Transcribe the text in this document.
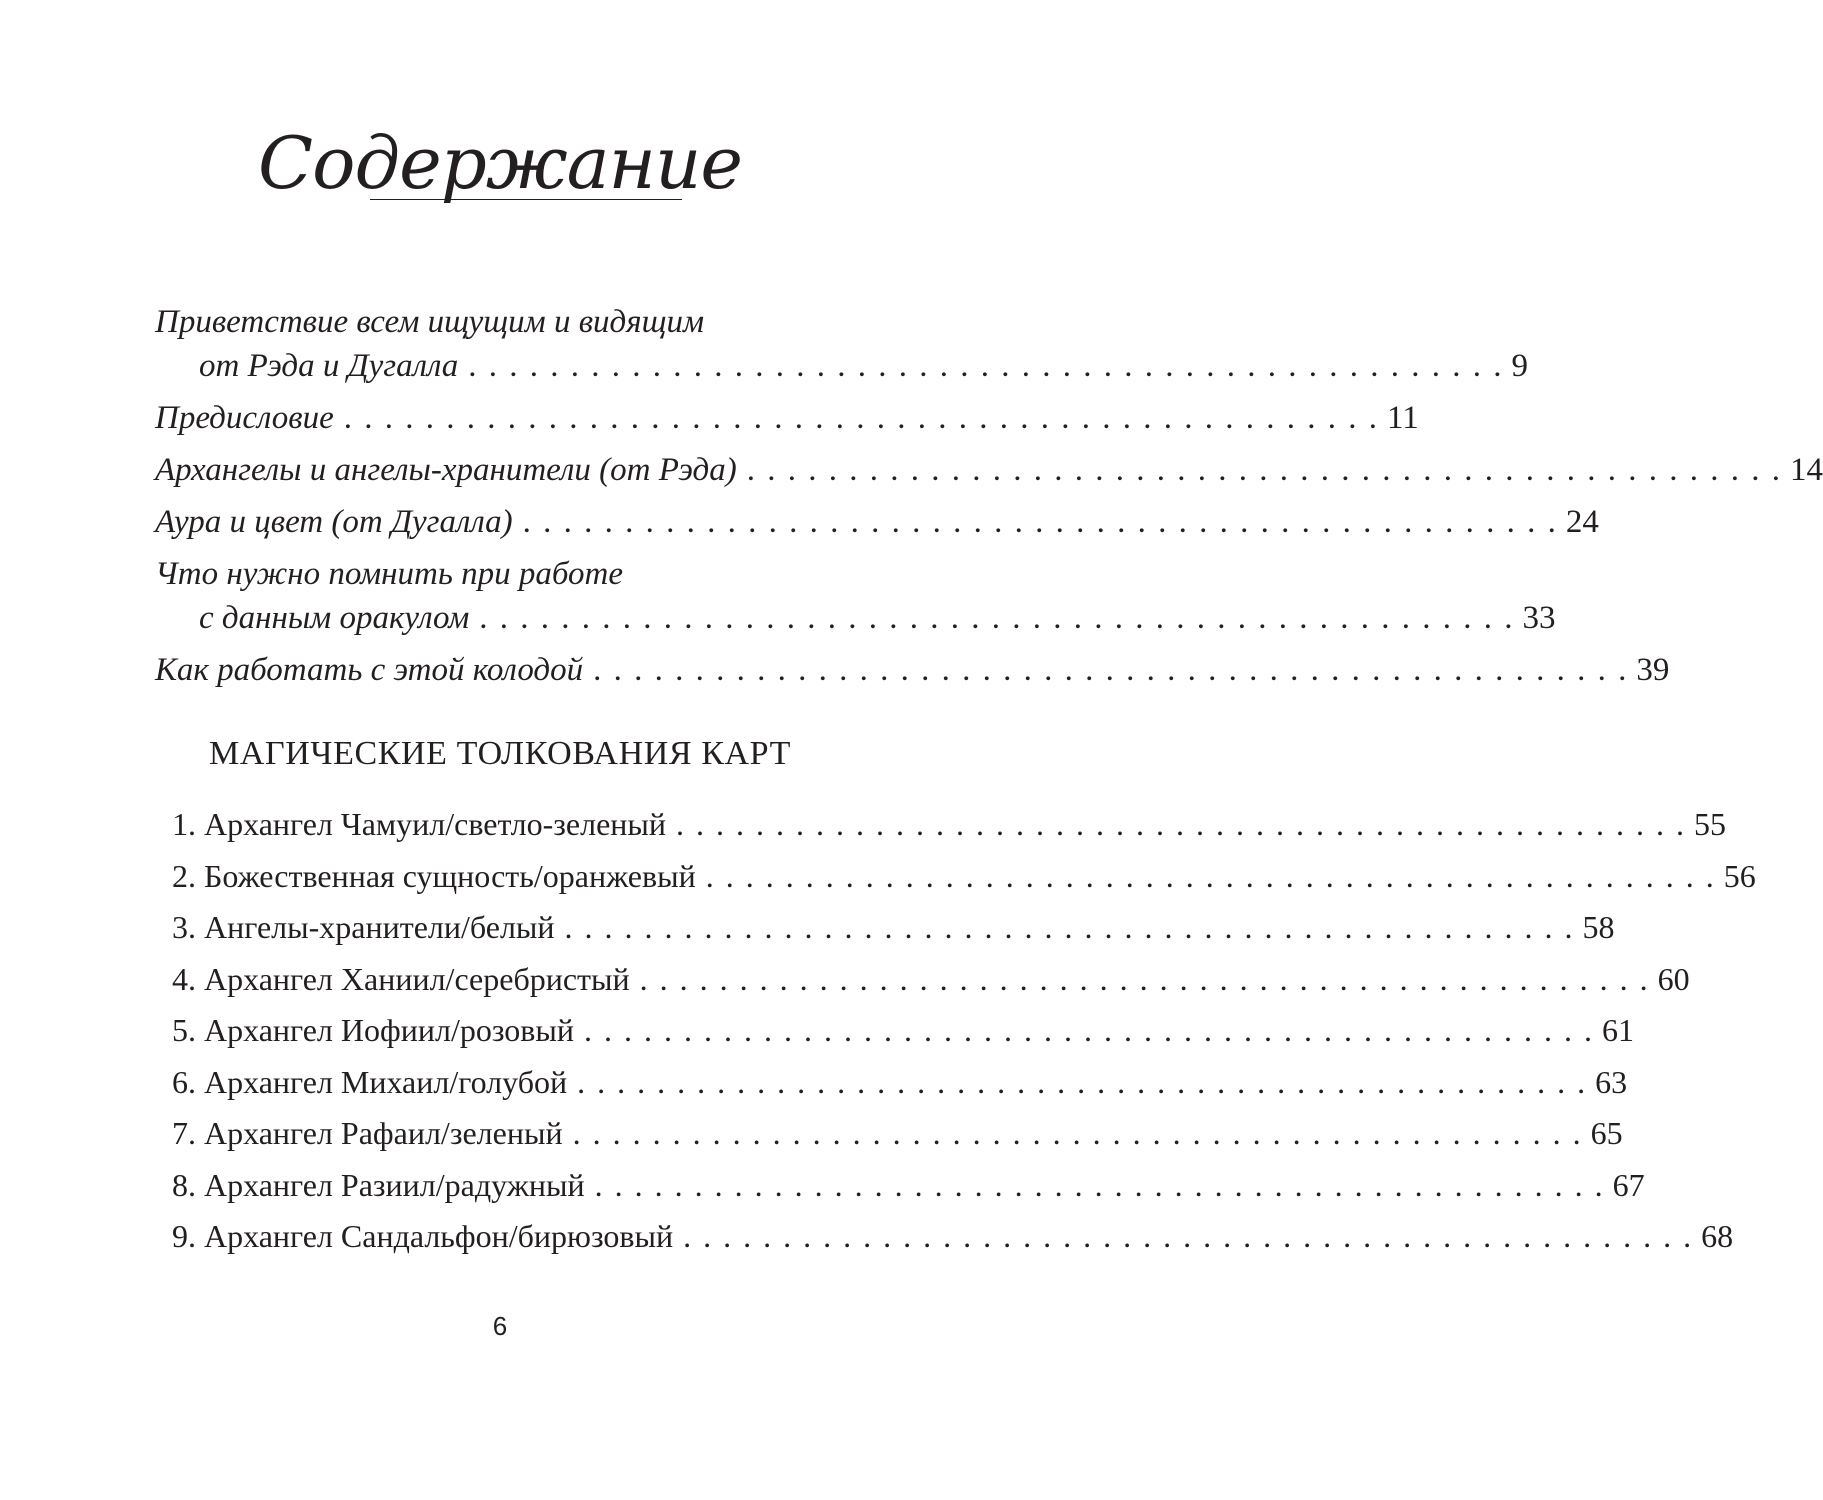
Содержание
Приветствие всем ищущим и видящим
от Рэда и Дугалла . . . . . . . . . . . . . . . . . . . . . . . . . . . . . . . . . . . . . . . . . . . . . . . . . . . 9
Предисловие . . . . . . . . . . . . . . . . . . . . . . . . . . . . . . . . . . . . . . . . . . . . . . . . . . . 11
Архангелы и ангелы-хранители (от Рэда) . . . . . . . . . . . . . . . . . . . . . . . . . . . . . . . . . . . . . . . . . . . . . . . . . . . 14
Аура и цвет (от Дугалла) . . . . . . . . . . . . . . . . . . . . . . . . . . . . . . . . . . . . . . . . . . . . . . . . . . . 24
Что нужно помнить при работе
с данным оракулом . . . . . . . . . . . . . . . . . . . . . . . . . . . . . . . . . . . . . . . . . . . . . . . . . . . 33
Как работать с этой колодой . . . . . . . . . . . . . . . . . . . . . . . . . . . . . . . . . . . . . . . . . . . . . . . . . . . 39
МАГИЧЕСКИЕ ТОЛКОВАНИЯ КАРТ
1. Архангел Чамуил/светло-зеленый . . . . . . . . . . . . . . . . . . . . . . . . . . . . . . . . . . . . . . . . . . . . . . . . . . . 55
2. Божественная сущность/оранжевый . . . . . . . . . . . . . . . . . . . . . . . . . . . . . . . . . . . . . . . . . . . . . . . . . . . 56
3. Ангелы-хранители/белый . . . . . . . . . . . . . . . . . . . . . . . . . . . . . . . . . . . . . . . . . . . . . . . . . . . 58
4. Архангел Ханиил/серебристый . . . . . . . . . . . . . . . . . . . . . . . . . . . . . . . . . . . . . . . . . . . . . . . . . . . 60
5. Архангел Иофиил/розовый . . . . . . . . . . . . . . . . . . . . . . . . . . . . . . . . . . . . . . . . . . . . . . . . . . . 61
6. Архангел Михаил/голубой . . . . . . . . . . . . . . . . . . . . . . . . . . . . . . . . . . . . . . . . . . . . . . . . . . . 63
7. Архангел Рафаил/зеленый . . . . . . . . . . . . . . . . . . . . . . . . . . . . . . . . . . . . . . . . . . . . . . . . . . . 65
8. Архангел Разиил/радужный . . . . . . . . . . . . . . . . . . . . . . . . . . . . . . . . . . . . . . . . . . . . . . . . . . . 67
9. Архангел Сандальфон/бирюзовый . . . . . . . . . . . . . . . . . . . . . . . . . . . . . . . . . . . . . . . . . . . . . . . . . . . 68
6
